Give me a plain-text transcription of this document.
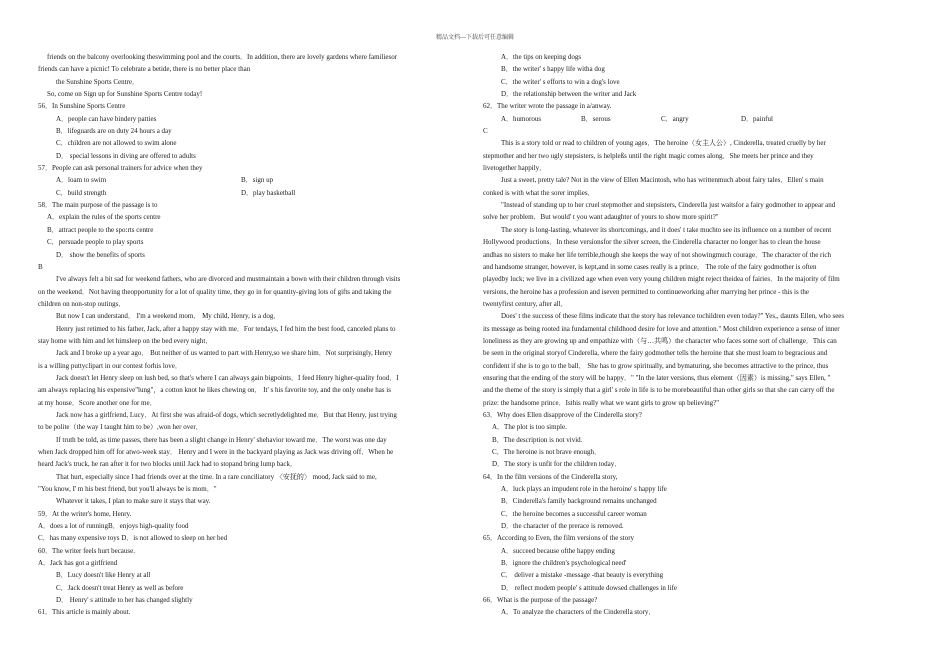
精品文档---下载后可任意编辑
friends on the balcony overlooking theswimming pool and the courts．In addition, there are lovely gardens where familiesor
friends can have a picnic! To celebrate a betide, there is no better place than
the Sunshine Sports Centre．
So, come on Sign up for Sunshine Sports Centre today!
56．In Sunshine Sports Centre
A．people can have bindery patties
B．lifeguards are on duty 24 hours a day
C．children are not allowed to swim alone
D． special lessons in diving are offered to adults
57．People can ask personal trainers for advice when they
A．loam to swim	B．sign up
C．build strength	D．play basketball
58．The main purpose of the passage is to
A．explain the rules of the sports centre
B．attract people to the spo:rts centre
C．persuade people to play sports
D． show the benefits of sports
B
I've always felt a bit sad for weekend fathers, who are divorced and mustmaintain a bown with their children through visits
on the weekend．Not having theopportunity for a lot of quality time, they go in for quantity-giving lots of gifts and taking the
children on non-stop outings．
But now I can understand． I'm a weekend mom． My child, Henry, is a dog．
Henry just retimed to his father, Jack, after a happy stay with me．For tendays, I fed him the best food, canceled plans to
stay home with him and let himsleep on the bed every night．
Jack and I broke up a year ago． But neither of us wanted to part with Henry,so we share him．Not surprisingly, Henry
is a willing puttyclipart in our contest forhis love．
Jack doesn't let Henry sleep on lush bed, so that's where I can always gain bigpoints．I feed Henry higher-quality food．I
am always replacing his expensive"lung"，a cotton knot he likes chewing on． It' s his favorite toy, and the only onehe has is
at my house．Score another one for me．
Jack now has a girlfriend, Lucy．At first she was afraid-of dogs, which secretlydelighted me．But that Henry, just trying
to be polite（the way I taught him to be）,won her over．
If truth be told, as time passes, there has been a slight change in Henry' shehavior toward me．The worst was one day
when Jack dropped him off for atwo-week stay． Henry and I were in the backyard playing as Jack was driving off．When he
heard Jack's truck, he ran after it for two blocks until Jack had to stopand bring lump back．
That hurt, especially since I had friends over at the time. In a rare conciliatory 〈安抚的〉 mood, Jack said to me,
"You know, I' m his best friend, but you'll always be is mom．"
Whatever it takes, I plan to make sure it stays that way.
59．At the writer's home, Henry.
A．does a lot of runningB．enjoys high-quality food
C．has many expensive toys D．is not allowed to sleep on her bed
60．The writer feels hurt because.
A．Jack has got a girlfriend
B．Lucy doesn't like Henry at all
C．Jack doesn't treat Henry as well as before
D． Henry' s attitude to her has changed slightly
61．This article is mainly about.
A．the tips on keeping dogs
B．the writer' s happy life witha dog
C．the writer' s efforts to win a dog's love
D．the relationship between the writer and Jack
62．The writer wrote the passage in a/anway.
A．humorous	B．serous	C．angry	D．painful
C
This is a story told or read to children of young ages．The heroine（女主人公）, Cinderella, treated cruelly by her
stepmother and her two ugly stepsisters, is helpleßs until the right magic comes along．She meets her prince and they
livetogether happily．
Just a sweet, pretty tale? Not in the view of Ellen Macintosh, who has writtenmuch about fairy tales．Ellen' s main
conked is with what the sorer implies．
"Instead of standing up to her cruel stepmother and stepsisters, Cinderella just waitsfor a fairy godmother to appear and
solve her problem．But would' t you want adaughter of yours to show more spirit?"
The story is long-lasting, whatever its shortcomings, and it does' t take muchto see its influence on a number of recent
Hollywood productions．In these versionsfor the silver screen, the Cinderella character no longer has to clean the house
andhas no sisters to make her life terrible,though she keeps the way of not showingmuch courage．The character of the rich
and handsome stranger, however, is kept,and in some cases really is a prince． The role of the fairy godmother is often
playedby luck; we live in a civilized age when even very young children might reject theidea of fairies．In the majority of film
versions, the heroine has a profession and iseven permitted to continueworking after marrying her prince - this is the
twentyfirst century, after all．
Does' t the success of these films indicate that the story has relevance tochildren even today?" Yes,, daunts Ellen, who sees
its message as being rooted ina fundamental childhood desire for love and attention." Most children experience a sense of inner
loneliness as they are growing up and empathize with（与…共鸣）the character who faces some sort of challenge．This can
be seen in the original storyof Cinderella, where the fairy godmother tells the heroine that she must loam to begracious and
confident if she is to go to the ball． She has to grow spiritually, and bymaturing, she becomes attractive to the prince, thus
ensuring that the ending of the story will be happy．" "In the later versions, thus element（因素）is missing," says Ellen, "
and the theme of the story is simply that a girl' s role in life is to be morebeautiful than other girls so that she can carry off the
prize: the handsome prince．Isthis really what we want girls to grow up believing?"
63．Why does Ellen disapprove of the Cinderella story?
A．The plot is too simple.
B．The description is not vivid.
C．The heroine is not brave enough．
D．The story is unfit for the children today．
64．In the film versions of the Cinderella story,
A．luck plays an impudent role in the heroine' s happy life
B．Cinderella's family background remains unchanged
C．the heroine becomes a successful career woman
D．the character of the prerace is removed.
65．According to Even, the film versions of the story
A．succeed because ofthe happy ending
B．ignore the children's psychological need'
C． deliver a mistake -message -that beauty is everything
D． reflect modem people' s attitude dowsed challenges in life
66．What is the purpose of the passage?
A．To analyze the characters of the Cinderella story．
